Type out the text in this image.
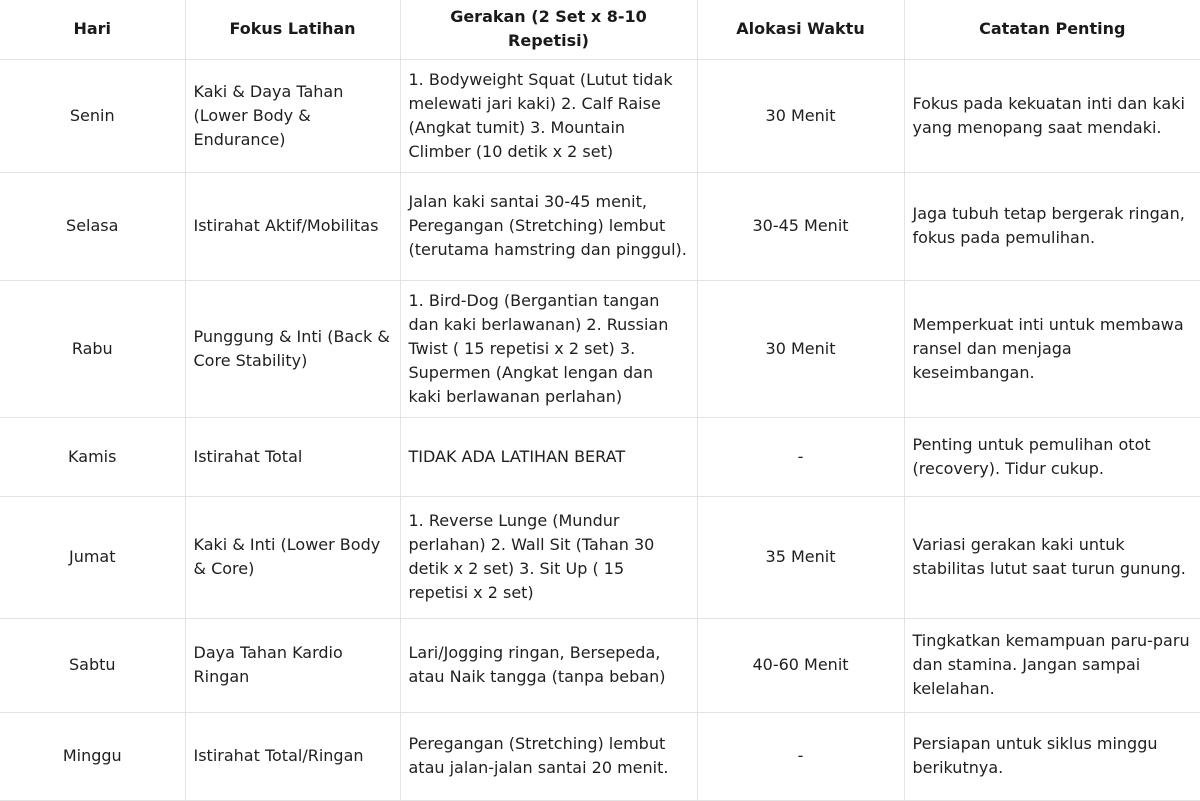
Hari	Fokus Latihan	Gerakan (2 Set x 8-10 Repetisi)	Alokasi Waktu	Catatan Penting
Senin	Kaki & Daya Tahan (Lower Body & Endurance)	1. Bodyweight Squat (Lutut tidak melewati jari kaki) 2. Calf Raise (Angkat tumit) 3. Mountain Climber (10 detik x 2 set)	30 Menit	Fokus pada kekuatan inti dan kaki yang menopang saat mendaki.
Selasa	Istirahat Aktif/Mobilitas	Jalan kaki santai 30-45 menit, Peregangan (Stretching) lembut (terutama hamstring dan pinggul).	30-45 Menit	Jaga tubuh tetap bergerak ringan, fokus pada pemulihan.
Rabu	Punggung & Inti (Back & Core Stability)	1. Bird-Dog (Bergantian tangan dan kaki berlawanan) 2. Russian Twist ( 15 repetisi x 2 set) 3. Supermen (Angkat lengan dan kaki berlawanan perlahan)	30 Menit	Memperkuat inti untuk membawa ransel dan menjaga keseimbangan.
Kamis	Istirahat Total	TIDAK ADA LATIHAN BERAT	-	Penting untuk pemulihan otot (recovery). Tidur cukup.
Jumat	Kaki & Inti (Lower Body & Core)	1. Reverse Lunge (Mundur perlahan) 2. Wall Sit (Tahan 30 detik x 2 set) 3. Sit Up ( 15 repetisi x 2 set)	35 Menit	Variasi gerakan kaki untuk stabilitas lutut saat turun gunung.
Sabtu	Daya Tahan Kardio Ringan	Lari/Jogging ringan, Bersepeda, atau Naik tangga (tanpa beban)	40-60 Menit	Tingkatkan kemampuan paru-paru dan stamina. Jangan sampai kelelahan.
Minggu	Istirahat Total/Ringan	Peregangan (Stretching) lembut atau jalan-jalan santai 20 menit.	-	Persiapan untuk siklus minggu berikutnya.
